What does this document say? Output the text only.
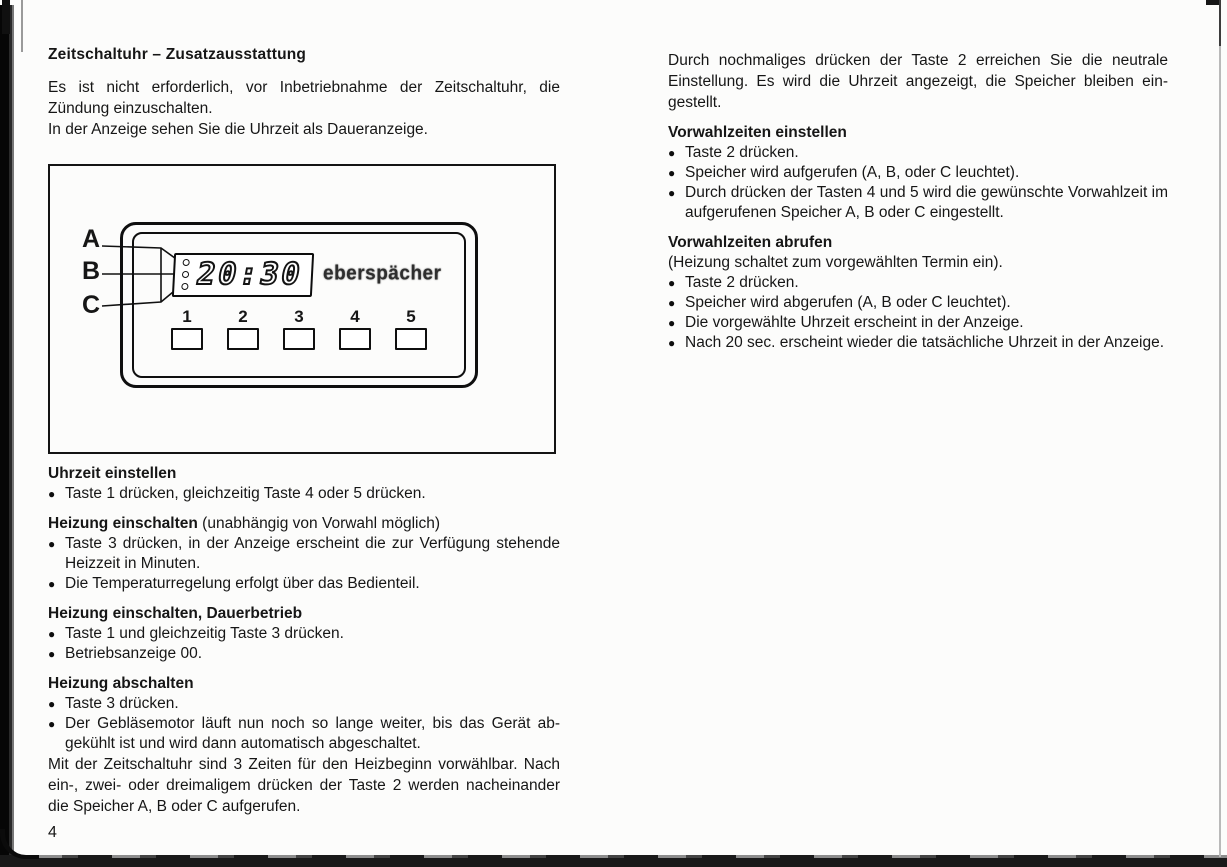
Zeitschaltuhr – Zusatzausstattung

Es ist nicht erforderlich, vor Inbetriebnahme der Zeitschaltuhr, die Zündung einzuschalten.

In der Anzeige sehen Sie die Uhrzeit als Daueranzeige.

A
B
C
20:30 eberspächer
1	2	3	4	5
Uhrzeit einstellen
● Taste 1 drücken, gleichzeitig Taste 4 oder 5 drücken.
Heizung einschalten (unabhängig von Vorwahl möglich)
● Taste 3 drücken, in der Anzeige erscheint die zur Verfügung stehende Heizzeit in Minuten.
● Die Temperaturregelung erfolgt über das Bedienteil.
Heizung einschalten, Dauerbetrieb
● Taste 1 und gleichzeitig Taste 3 drücken.
● Betriebsanzeige 00.
Heizung abschalten
● Taste 3 drücken.
● Der Gebläsemotor läuft nun noch so lange weiter, bis das Gerät abgekühlt ist und wird dann automatisch abgeschaltet.

Mit der Zeitschaltuhr sind 3 Zeiten für den Heizbeginn vorwählbar. Nach ein-, zwei- oder dreimaligem drücken der Taste 2 werden nacheinander die Speicher A, B oder C aufgerufen.

Durch nochmaliges drücken der Taste 2 erreichen Sie die neutrale Einstellung. Es wird die Uhrzeit angezeigt, die Speicher bleiben eingestellt.

Vorwahlzeiten einstellen
● Taste 2 drücken.
● Speicher wird aufgerufen (A, B, oder C leuchtet).
● Durch drücken der Tasten 4 und 5 wird die gewünschte Vorwahlzeit im aufgerufenen Speicher A, B oder C eingestellt.
Vorwahlzeiten abrufen
(Heizung schaltet zum vorgewählten Termin ein).
● Taste 2 drücken.
● Speicher wird abgerufen (A, B oder C leuchtet).
● Die vorgewählte Uhrzeit erscheint in der Anzeige.
● Nach 20 sec. erscheint wieder die tatsächliche Uhrzeit in der Anzeige.
4
